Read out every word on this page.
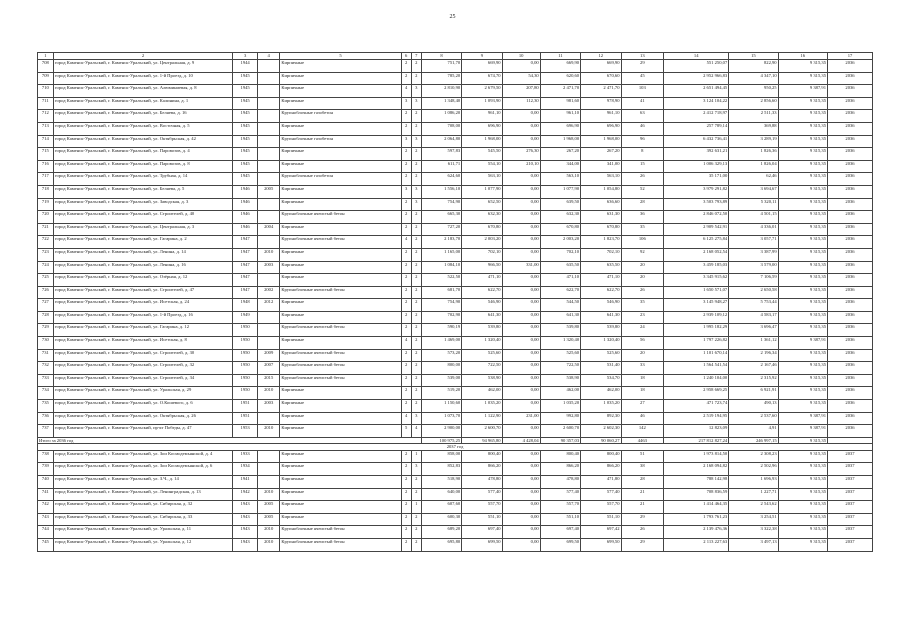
25
1	2	3	4	5	6	7	8	9	10	11	12	13	14	15	16	17
708	город Каменск-Уральский, г. Каменск-Уральский, ул. Центральная, д. 9	1944		Кирпичные	2	2	751,70	669,90	0,00	669,90	669,90	29	551 250,07	822,90	9 315,35	2036
709	город Каменск-Уральский, г. Каменск-Уральский, ул. 1-й Проезд, д. 10	1945		Кирпичные	2	2	785,20	674,70	54,30	620,60	670,60	45	2 952 966,83	4 347,10	9 315,35	2036
710	город Каменск-Уральский, г. Каменск-Уральский, ул. Алюминиевая, д. 8	1945		Кирпичные	4	3	2 810,90	2 679,50	207,80	2 471,70	2 471,70	103	2 651 494,45	950,25	9 387,91	2036
711	город Каменск-Уральский, г. Каменск-Уральский, ул. Калинина, д. 1	1945		Кирпичные	3	3	1 348,40	1 093,90	112,30	981,60	978,90	41	3 124 104,22	2 856,60	9 315,35	2036
712	город Каменск-Уральский, г. Каменск-Уральский, ул. Беляева, д. 16	1945		Крупноблочные газобетон	2	2	1 086,20	961,10	0,00	961,10	961,10	63	2 412 718,97	2 511,33	9 315,35	2036
713	город Каменск-Уральский, г. Каменск-Уральский, ул. Восточная, д. 5	1945		Кирпичные	2	2	708,00	696,90	0,00	696,90	696,90	46	257 789,14	369,88	9 315,35	2036
714	город Каменск-Уральский, г. Каменск-Уральский, ул. Октябрьская, д. 42	1945		Крупноблочные газобетон	3	3	2 064,80	1 968,00	0,00	1 968,00	1 968,00	96	6 432 736,41	3 289,19	9 315,35	2036
715	город Каменск-Уральский, г. Каменск-Уральский, ул. Паровозов, д. 4	1945		Кирпичные	2	2	597,83	545,50	276,30	267,20	267,20	8	392 631,21	1 826,36	9 315,35	2036
716	город Каменск-Уральский, г. Каменск-Уральский, ул. Паровозов, д. 8	1945		Кирпичные	2	2	611,71	554,10	210,10	344,00	341,00	15	1 006 329,13	1 826,04	9 315,35	2036
717	город Каменск-Уральский, г. Каменск-Уральский, ул. Трубная, д. 14	1945		Крупноблочные газобетон	2	2	624,60	563,10	0,00	563,10	563,10	26	35 171,00	62,46	9 315,35	2036
718	город Каменск-Уральский, г. Каменск-Уральский, ул. Беляева, д. 5	1946	2005	Кирпичные	3	3	1 556,10	1 077,90	0,00	1 077,90	1 054,80	52	3 979 291,82	3 694,67	9 315,35	2036
719	город Каменск-Уральский, г. Каменск-Уральский, ул. Заводская, д. 3	1946		Кирпичные	2	3	754,90	652,50	0,00	639,50	636,60	28	3 503 793,89	5 320,11	9 315,35	2036
720	город Каменск-Уральский, г. Каменск-Уральский, ул. Строителей, д. 40	1946		Крупноблочные ячеистый бетон	2	2	665,30	632,30	0,00	632,30	631,30	36	2 846 072,50	4 501,15	9 315,35	2036
721	город Каменск-Уральский, г. Каменск-Уральский, ул. Центральная, д. 3	1946	2004	Кирпичные	2	2	727,20	670,80	0,00	670,80	670,80	35	2 909 542,91	4 336,01	9 315,35	2036
722	город Каменск-Уральский, г. Каменск-Уральский, ул. Гагарина, д. 2	1947		Крупноблочные ячеистый бетон	4	2	2 183,70	2 003,20	0,00	2 003,20	1 823,70	106	6 125 275,84	3 057,71	9 315,35	2036
723	город Каменск-Уральский, г. Каменск-Уральский, ул. Ленина, д. 14	1947	2010	Кирпичные	2	2	1 165,00	702,10	0,00	702,10	702,10	92	2 168 052,54	3 387,99	9 315,35	2036
724	город Каменск-Уральский, г. Каменск-Уральский, ул. Ленина, д. 16	1947	2003	Кирпичные	2	2	1 084,10	966,50	331,00	635,50	635,50	20	3 459 185,03	3 579,00	9 315,35	2036
725	город Каменск-Уральский, г. Каменск-Уральский, ул. Озёрная, д. 12	1947		Кирпичные	2	2	522,50	471,10	0,00	471,10	471,10	20	3 345 915,62	7 106,59	9 315,35	2036
726	город Каменск-Уральский, г. Каменск-Уральский, ул. Строителей, д. 47	1947	2002	Крупноблочные ячеистый бетон	2	2	681,70	622,70	0,00	622,70	622,70	26	1 650 571,07	2 650,58	9 315,35	2036
727	город Каменск-Уральский, г. Каменск-Уральский, ул. Исетская, д. 24	1948	2012	Кирпичные	2	2	754,90	546,90	0,00	544,50	546,90	35	3 145 948,27	5 753,44	9 315,35	2036
728	город Каменск-Уральский, г. Каменск-Уральский, ул. 1-й Проезд, д. 16	1949		Кирпичные	2	2	702,90	641,30	0,00	641,30	641,30	23	2 939 109,12	4 583,17	9 315,35	2036
729	город Каменск-Уральский, г. Каменск-Уральский, ул. Гагарина, д. 12	1950		Крупноблочные ячеистый бетон	2	2	590,19	539,80	0,00	539,80	539,80	24	1 995 182,29	3 696,47	9 315,35	2036
730	город Каменск-Уральский, г. Каменск-Уральский, ул. Исетская, д. 8	1950		Кирпичные	4	2	1 469,00	1 320,40	0,00	1 320,40	1 320,40	56	1 797 226,82	1 361,12	9 387,91	2036
731	город Каменск-Уральский, г. Каменск-Уральский, ул. Строителей, д. 30	1950	2009	Крупноблочные ячеистый бетон	2	2	573,20	525,60	0,00	525,60	525,60	20	1 101 670,14	2 196,34	9 315,35	2036
732	город Каменск-Уральский, г. Каменск-Уральский, ул. Строителей, д. 32	1950	2007	Крупноблочные ячеистый бетон	2	2	800,00	722,50	0,00	722,50	531,40	33	1 564 541,54	2 167,46	9 315,35	2036
733	город Каменск-Уральский, г. Каменск-Уральский, ул. Строителей, д. 34	1950	2015	Крупноблочные ячеистый бетон	2	2	539,00	538,90	0,00	538,90	534,70	18	1 240 104,00	2 315,92	9 315,35	2036
734	город Каменск-Уральский, г. Каменск-Уральский, ул. Уральская, д. 29	1950	2010	Кирпичные	2	2	519,20	462,00	0,00	462,00	462,00	18	2 958 669,25	6 921,91	9 315,35	2036
735	город Каменск-Уральский, г. Каменск-Уральский, ул. О.Кошевого, д. 6	1951	2003	Кирпичные	2	2	1 150,60	1 035,20	0,00	1 035,20	1 035,20	27	471 723,74	490,13	9 315,35	2036
736	город Каменск-Уральский, г. Каменск-Уральский, ул. Октябрьская, д. 26	1951		Кирпичные	4	3	1 073,70	1 122,90	231,00	992,80	892,30	46	2 519 194,95	2 537,60	9 387,91	2036
737	город Каменск-Уральский, г. Каменск-Уральский, пр-кт Победы, д. 47	1953	2010	Кирпичные	5	4	2 900,00	2 600,70	0,00	2 600,70	2 602,30	142	12 823,09	4,91	9 387,91	2036
Итого за 2036 год							100 975,25	94 965,80	4 428,04	90 357,03	90 060,27	4463	217 812 827,24	246 997,15	9 315,35	
2037 год																
738	город Каменск-Уральский, г. Каменск-Уральский, ул. Зои Космодемьянской, д. 4	1933		Кирпичные	2	1	858,00	800,40	0,00	800,40	800,40	51	1 973 814,50	2 308,23	9 315,35	2037
739	город Каменск-Уральский, г. Каменск-Уральский, ул. Зои Космодемьянской, д. 6	1934		Кирпичные	2	3	852,83	866,20	0,00	866,20	866,20	38	2 168 094,82	2 502,96	9 315,35	2037
740	город Каменск-Уральский, г. Каменск-Уральский, ул. З.Ч., д. 14	1941		Кирпичные	2	2	518,90	478,80	0,00	478,80	471,80	28	788 142,98	1 696,93	9 315,35	2037
741	город Каменск-Уральский, г. Каменск-Уральский, ул. Ленинградская, д. 13	1942	2010	Кирпичные	2	2	640,00	577,40	0,00	577,40	577,40	21	708 836,59	1 227,71	9 315,35	2037
742	город Каменск-Уральский, г. Каменск-Уральский, ул. Сибирская, д. 32	1943	2005	Кирпичные	2	1	607,60	557,70	0,00	557,70	557,70	21	1 414 464,35	2 543,62	9 315,35	2037
743	город Каменск-Уральский, г. Каменск-Уральский, ул. Сибирская, д. 33	1943	2005	Кирпичные	2	2	600,30	551,10	0,00	551,10	551,10	29	1 793 761,23	3 254,51	9 315,35	2037
744	город Каменск-Уральский, г. Каменск-Уральский, ул. Уральская, д. 11	1943	2010	Крупноблочные ячеистый бетон	2	2	689,20	697,40	0,00	697,40	697,42	26	2 139 476,36	3 322,38	9 315,35	2037
745	город Каменск-Уральский, г. Каменск-Уральский, ул. Уральская, д. 12	1943	2010	Крупноблочные ячеистый бетон	2	2	695,80	699,50	0,00	699,50	699,50	29	2 113 227,63	3 497,13	9 315,35	2037
